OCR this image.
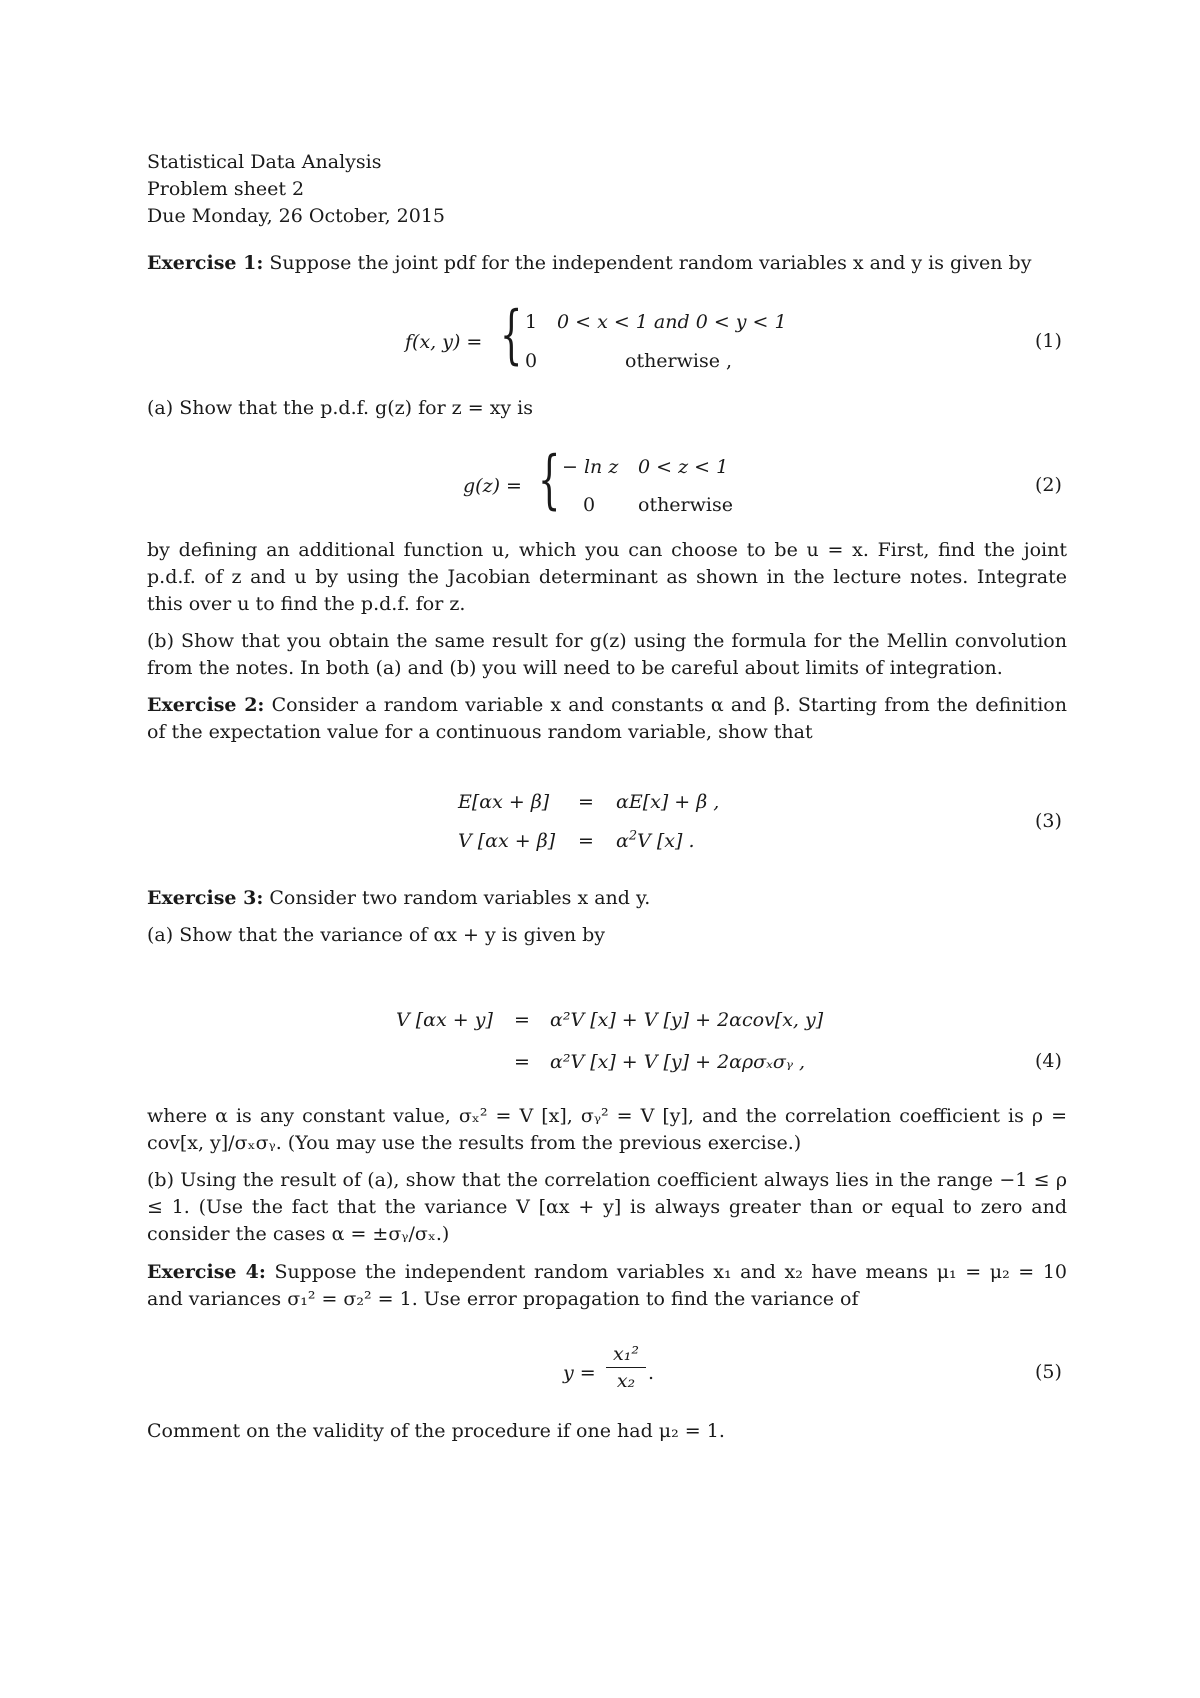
Statistical Data Analysis
Problem sheet 2
Due Monday, 26 October, 2015
Exercise 1: Suppose the joint pdf for the independent random variables x and y is given by
f(x, y) = { 1 0 < x < 1 and 0 < y < 1
0	otherwise ,
(1)
(a) Show that the p.d.f. g(z) for z = xy is
g(z) = { − ln z 0 < z < 1
0 otherwise
(2)
by defining an additional function u, which you can choose to be u = x. First, find the joint p.d.f. of z and u by using the Jacobian determinant as shown in the lecture notes. Integrate this over u to find the p.d.f. for z.
(b) Show that you obtain the same result for g(z) using the formula for the Mellin convolution from the notes. In both (a) and (b) you will need to be careful about limits of integration.
Exercise 2: Consider a random variable x and constants α and β. Starting from the definition of the expectation value for a continuous random variable, show that
E[αx + β] = αE[x] + β ,
V $[\alpha x + \beta] = \alpha^2V$ [x] .
(3)
Exercise 3: Consider two random variables x and y.
(a) Show that the variance of αx + y is given by
V [αx + y] = α²V [x] + V [y] + 2αcov[x, y]
= α²V [x] + V [y] + 2αρσₓσᵧ ,	(4)
where α is any constant value, σₓ² = V [x], σᵧ² = V [y], and the correlation coefficient is ρ = cov[x, y]/σₓσᵧ. (You may use the results from the previous exercise.)
(b) Using the result of (a), show that the correlation coefficient always lies in the range −1 ≤ ρ ≤ 1. (Use the fact that the variance V [αx + y] is always greater than or equal to zero and consider the cases α = ±σᵧ/σₓ.)
Exercise 4: Suppose the independent random variables x₁ and x₂ have means μ₁ = μ₂ = 10 and variances σ₁² = σ₂² = 1. Use error propagation to find the variance of
y =
x₁²
x₂ .	(5)
Comment on the validity of the procedure if one had μ₂ = 1.
